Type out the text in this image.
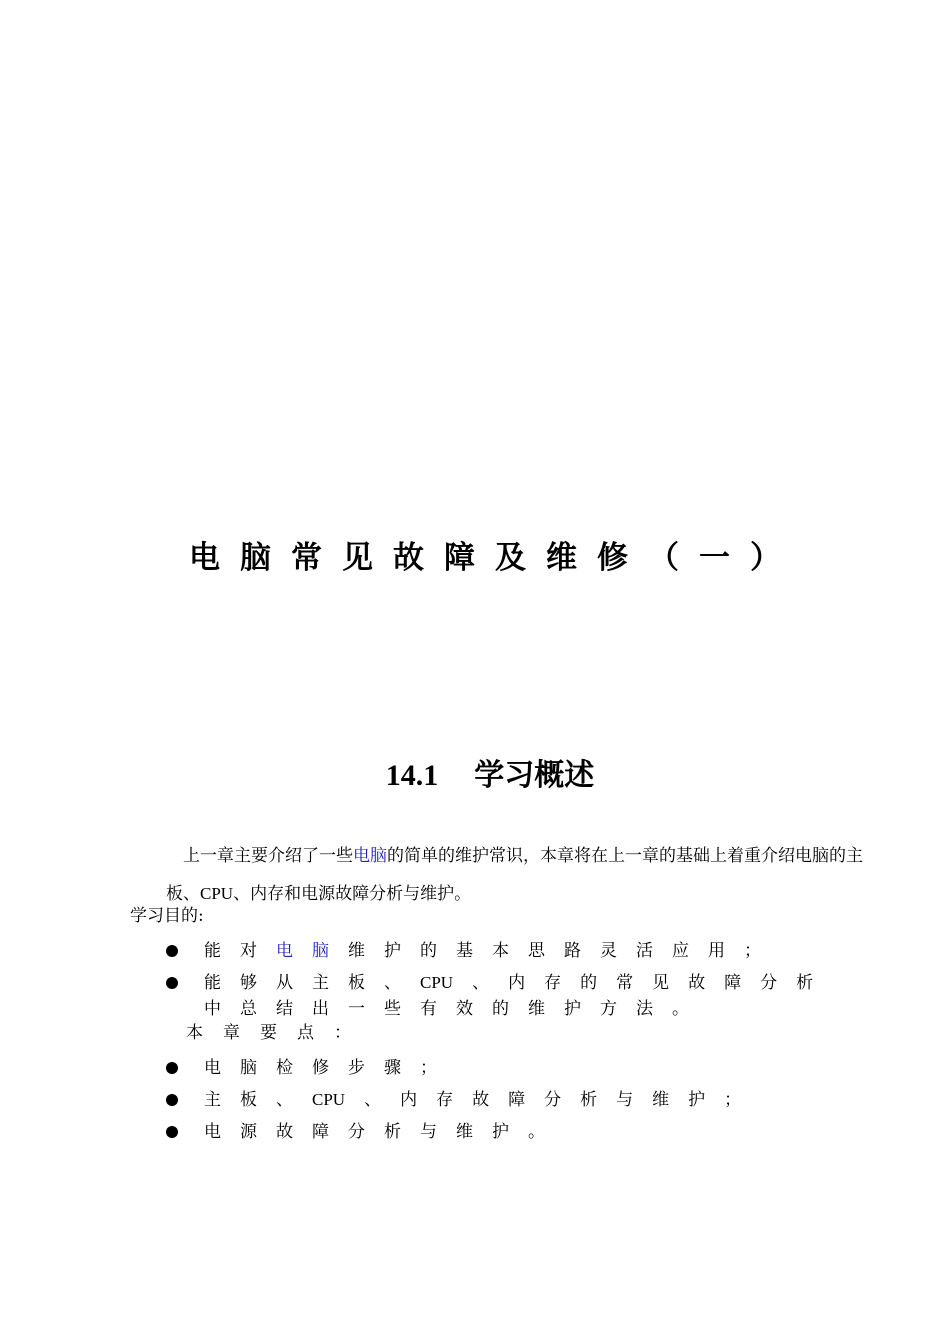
电脑常见故障及维修（一）
14.1 学习概述
上一章主要介绍了一些电脑的简单的维护常识，本章将在上一章的基础上着重介绍电脑的主板、CPU、内存和电源故障分析与维护。
学习目的:
能对电脑维护的基本思路灵活应用；
能够从主板、CPU 、内存的常见故障分析
中总结出一些有效的维护方法。
本章要点：
电脑检修步骤；
主板、CPU 、内存故障分析与维护；
电源故障分析与维护。
